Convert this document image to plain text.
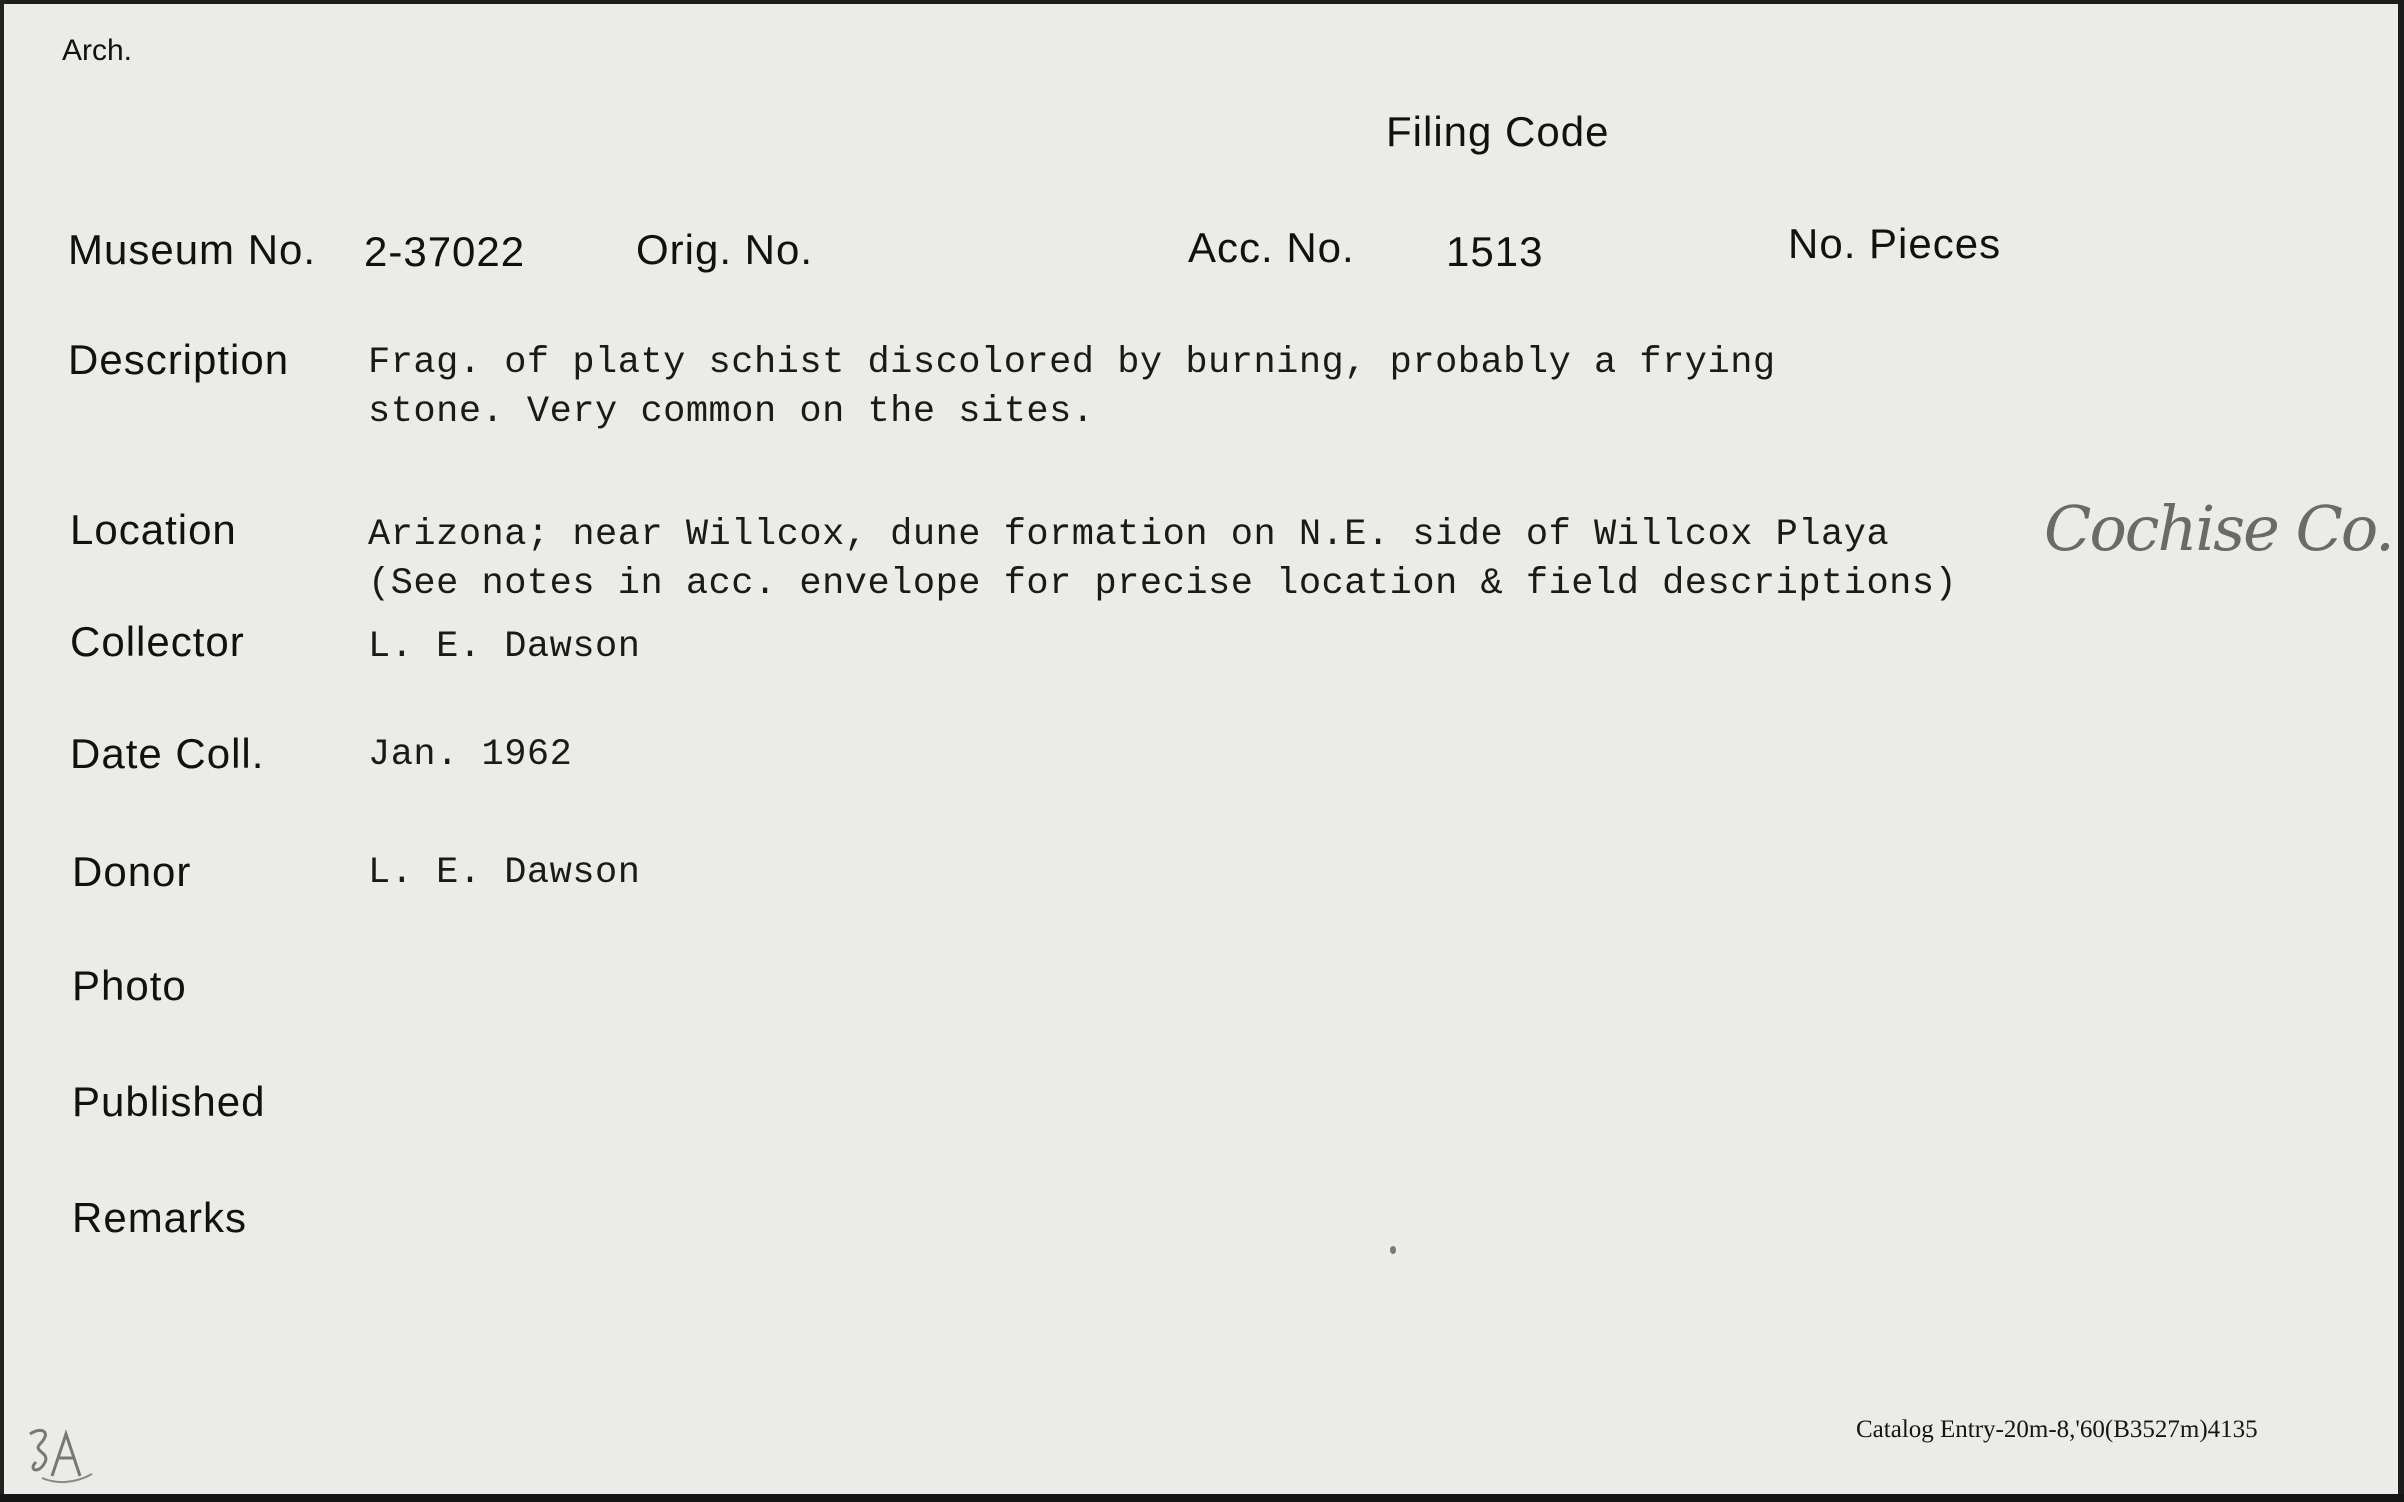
Arch.
Filing Code
Museum No. 2-37022	Orig. No.	Acc. No. 1513	No. Pieces
Description Frag. of platy schist discolored by burning, probably a frying
stone. Very common on the sites.
Location	Arizona; near Willcox, dune formation on N.E. side of Willcox Playa Cochise Co.
(See notes in acc. envelope for precise location & field descriptions)
Collector	L. E. Dawson
Date Coll.	Jan. 1962
Donor	L. E. Dawson
Photo
Published
Remarks
Catalog Entry-20m-8,'60(B3527m)4135
